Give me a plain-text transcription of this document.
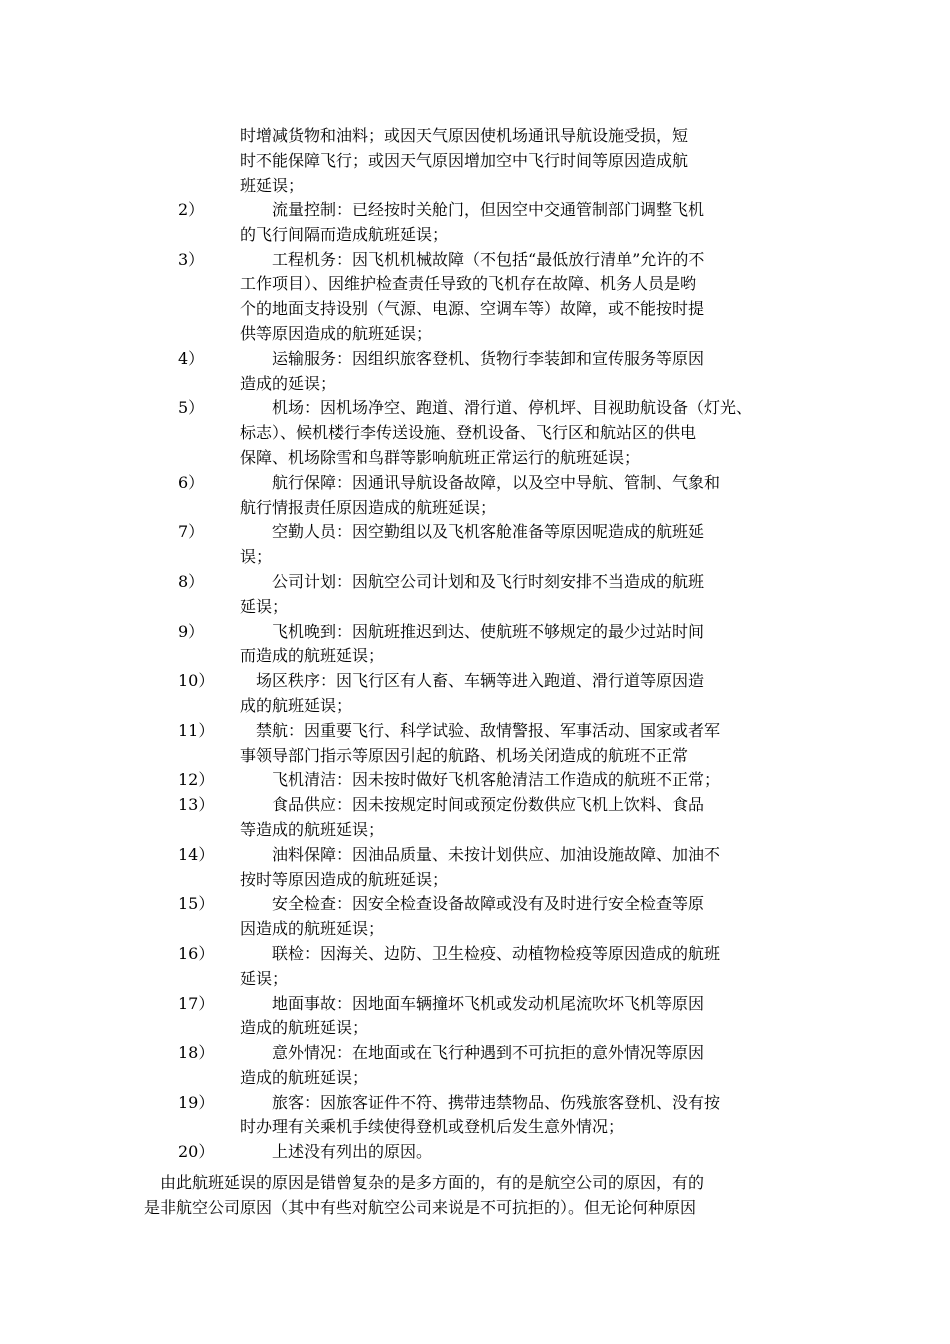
时增减货物和油料；或因天气原因使机场通讯导航设施受损，短
时不能保障飞行；或因天气原因增加空中飞行时间等原因造成航
班延误；
2） 　　流量控制：已经按时关舱门，但因空中交通管制部门调整飞机
的飞行间隔而造成航班延误；
3） 　　工程机务：因飞机机械故障（不包括“最低放行清单”允许的不
工作项目）、因维护检查责任导致的飞机存在故障、机务人员是哟
个的地面支持设别（气源、电源、空调车等）故障，或不能按时提
供等原因造成的航班延误；
4） 　　运输服务：因组织旅客登机、货物行李装卸和宣传服务等原因
造成的延误；
5） 　　机场：因机场净空、跑道、滑行道、停机坪、目视助航设备（灯光、
标志）、候机楼行李传送设施、登机设备、飞行区和航站区的供电
保障、机场除雪和鸟群等影响航班正常运行的航班延误；
6） 　　航行保障：因通讯导航设备故障，以及空中导航、管制、气象和
航行情报责任原因造成的航班延误；
7） 　　空勤人员：因空勤组以及飞机客舱准备等原因呢造成的航班延
误；
8） 　　公司计划：因航空公司计划和及飞行时刻安排不当造成的航班
延误；
9） 　　飞机晚到：因航班推迟到达、使航班不够规定的最少过站时间
而造成的航班延误；
10） 　场区秩序：因飞行区有人畜、车辆等进入跑道、滑行道等原因造
成的航班延误；
11） 　禁航：因重要飞行、科学试验、敌情警报、军事活动、国家或者军
事领导部门指示等原因引起的航路、机场关闭造成的航班不正常
12） 　　飞机清洁：因未按时做好飞机客舱清洁工作造成的航班不正常；
13） 　　食品供应：因未按规定时间或预定份数供应飞机上饮料、食品
等造成的航班延误；
14） 　　油料保障：因油品质量、未按计划供应、加油设施故障、加油不
按时等原因造成的航班延误；
15） 　　安全检查：因安全检查设备故障或没有及时进行安全检查等原
因造成的航班延误；
16） 　　联检：因海关、边防、卫生检疫、动植物检疫等原因造成的航班
延误；
17） 　　地面事故：因地面车辆撞坏飞机或发动机尾流吹坏飞机等原因
造成的航班延误；
18） 　　意外情况：在地面或在飞行种遇到不可抗拒的意外情况等原因
造成的航班延误；
19） 　　旅客：因旅客证件不符、携带违禁物品、伤残旅客登机、没有按
时办理有关乘机手续使得登机或登机后发生意外情况；
20） 　　上述没有列出的原因。
　由此航班延误的原因是错曾复杂的是多方面的，有的是航空公司的原因，有的
是非航空公司原因（其中有些对航空公司来说是不可抗拒的）。但无论何种原因
